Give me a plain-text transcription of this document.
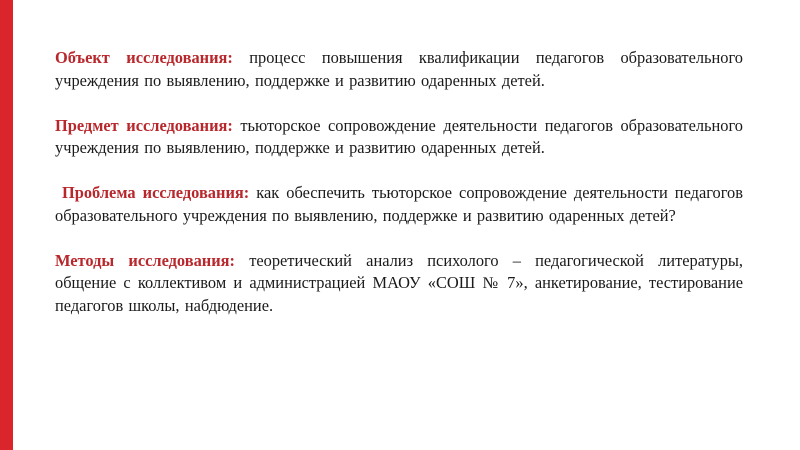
Объект исследования: процесс повышения квалификации педагогов образовательного учреждения по выявлению, поддержке и развитию одаренных детей.

Предмет исследования: тьюторское сопровождение деятельности педагогов образовательного учреждения по выявлению, поддержке и развитию одаренных детей.

Проблема исследования: как обеспечить тьюторское сопровождение деятельности педагогов образовательного учреждения по выявлению, поддержке и развитию одаренных детей?

Методы исследования: теоретический анализ психолого – педагогической литературы, общение с коллективом и администрацией МАОУ «СОШ № 7», анкетирование, тестирование педагогов школы, набдюдение.
